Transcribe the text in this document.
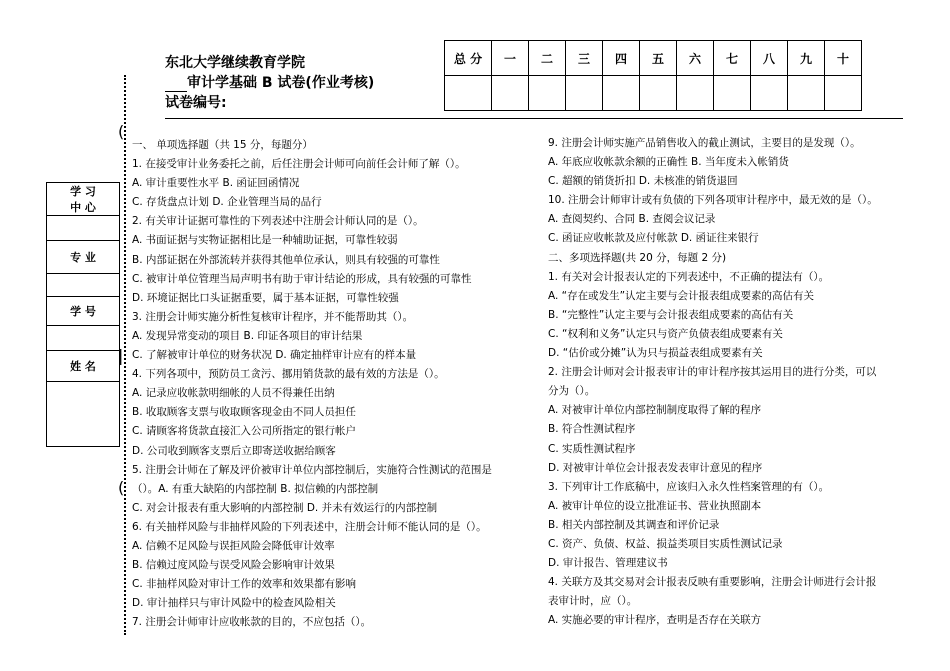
东北大学继续教育学院
审计学基础 B 试卷(作业考核)
试卷编号:
总 分	一	二	三	四	五	六	七	八	九	十

(
|
(
学 习
中 心
专 业
学 号
姓 名
一、 单项选择题（共 15 分，每题分）
1. 在接受审计业务委托之前，后任注册会计师可向前任会计师了解（）。
A. 审计重要性水平 B. 函证回函情况
C. 存货盘点计划 D. 企业管理当局的品行
2. 有关审计证据可靠性的下列表述中注册会计师认同的是（）。
A. 书面证据与实物证据相比是一种辅助证据，可靠性较弱
B. 内部证据在外部流转并获得其他单位承认，则具有较强的可靠性
C. 被审计单位管理当局声明书有助于审计结论的形成，具有较强的可靠性
D. 环境证据比口头证据重要，属于基本证据，可靠性较强
3. 注册会计师实施分析性复核审计程序，并不能帮助其（）。
A. 发现异常变动的项目 B. 印证各项目的审计结果
C. 了解被审计单位的财务状况 D. 确定抽样审计应有的样本量
4. 下列各项中，预防员工贪污、挪用销货款的最有效的方法是（）。
A. 记录应收帐款明细帐的人员不得兼任出纳
B. 收取顾客支票与收取顾客现金由不同人员担任
C. 请顾客将货款直接汇入公司所指定的银行帐户
D. 公司收到顾客支票后立即寄送收据给顾客
5. 注册会计师在了解及评价被审计单位内部控制后，实施符合性测试的范围是
（）。A. 有重大缺陷的内部控制 B. 拟信赖的内部控制
C. 对会计报表有重大影响的内部控制 D. 并未有效运行的内部控制
6. 有关抽样风险与非抽样风险的下列表述中，注册会计师不能认同的是（）。
A. 信赖不足风险与误拒风险会降低审计效率
B. 信赖过度风险与误受风险会影响审计效果
C. 非抽样风险对审计工作的效率和效果都有影响
D. 审计抽样只与审计风险中的检查风险相关
7. 注册会计师审计应收帐款的目的，不应包括（）。
9. 注册会计师实施产品销售收入的截止测试，主要目的是发现（）。
A. 年底应收帐款余额的正确性 B. 当年度未入帐销货
C. 超额的销货折扣 D. 未核准的销货退回
10. 注册会计师审计或有负债的下列各项审计程序中，最无效的是（）。
A. 查阅契约、合同 B. 查阅会议记录
C. 函证应收帐款及应付帐款 D. 函证往来银行
二、多项选择题(共 20 分，每题 2 分)
1. 有关对会计报表认定的下列表述中，不正确的提法有（）。
A. “存在或发生”认定主要与会计报表组成要素的高估有关
B. “完整性”认定主要与会计报表组成要素的高估有关
C. “权利和义务”认定只与资产负债表组成要素有关
D. “估价或分摊”认为只与损益表组成要素有关
2. 注册会计师对会计报表审计的审计程序按其运用目的进行分类，可以
分为（）。
A. 对被审计单位内部控制制度取得了解的程序
B. 符合性测试程序
C. 实质性测试程序
D. 对被审计单位会计报表发表审计意见的程序
3. 下列审计工作底稿中，应该归入永久性档案管理的有（）。
A. 被审计单位的设立批准证书、营业执照副本
B. 相关内部控制及其调查和评价记录
C. 资产、负债、权益、损益类项目实质性测试记录
D. 审计报告、管理建议书
4. 关联方及其交易对会计报表反映有重要影响，注册会计师进行会计报
表审计时，应（）。
A. 实施必要的审计程序，查明是否存在关联方
